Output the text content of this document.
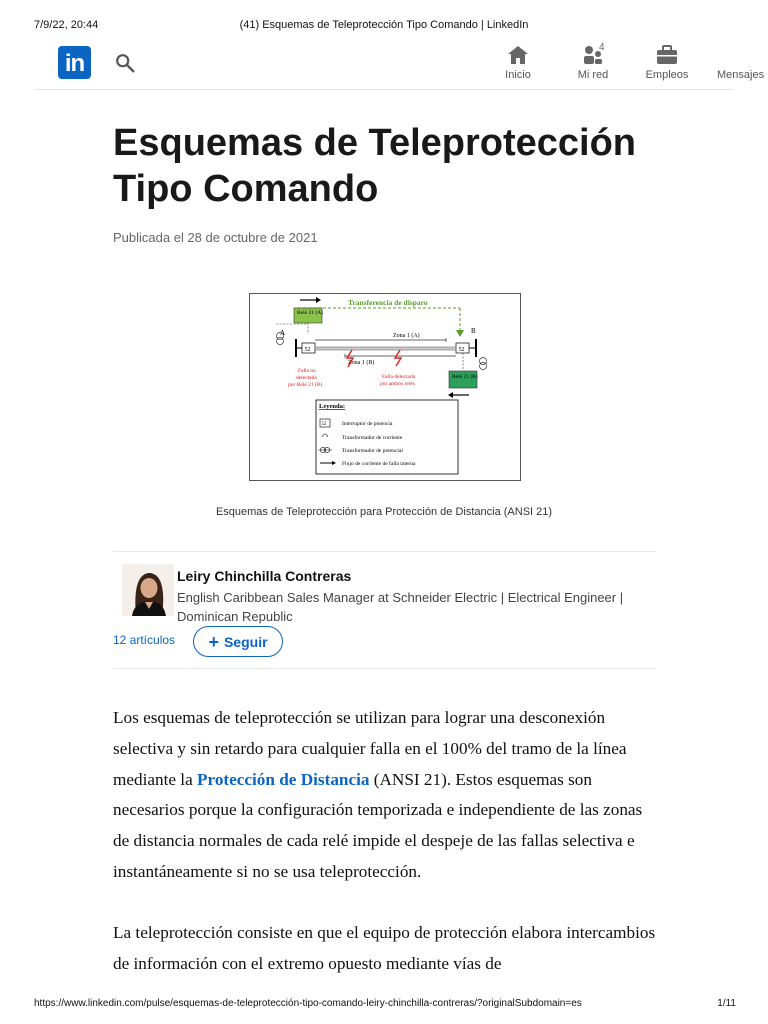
7/9/22, 20:44	(41) Esquemas de Teleprotección Tipo Comando | LinkedIn
in	Inicio
4
Mi red	Empleos	Mensajes
Esquemas de Teleprotección Tipo Comando
Publicada el 28 de octubre de 2021
Transferencia de disparo
Relé 21 (A)
A
52	52
Zona 1 (A)
Zona 1 (B)
B
Relé 21 (B)
Falla no detectada por Relé 21 (B)
Falla detectada por ambos relés
Leyenda:
52	Interruptor de potencia
Transformador de corriente
Transformador de potencial
Flujo de corriente de falla interna
Esquemas de Teleprotección para Protección de Distancia (ANSI 21)
Leiry Chinchilla Contreras
English Caribbean Sales Manager at Schneider Electric | Electrical Engineer | Dominican Republic
12 artículos + Seguir

Los esquemas de teleprotección se utilizan para lograr una desconexión selectiva y sin retardo para cualquier falla en el 100% del tramo de la línea mediante la Protección de Distancia (ANSI 21). Estos esquemas son necesarios porque la configuración temporizada e independiente de las zonas de distancia normales de cada relé impide el despeje de las fallas selectiva e instantáneamente si no se usa teleprotección.

La teleprotección consiste en que el equipo de protección elabora intercambios de información con el extremo opuesto mediante vías de

https://www.linkedin.com/pulse/esquemas-de-teleprotección-tipo-comando-leiry-chinchilla-contreras/?originalSubdomain=es	1/11
